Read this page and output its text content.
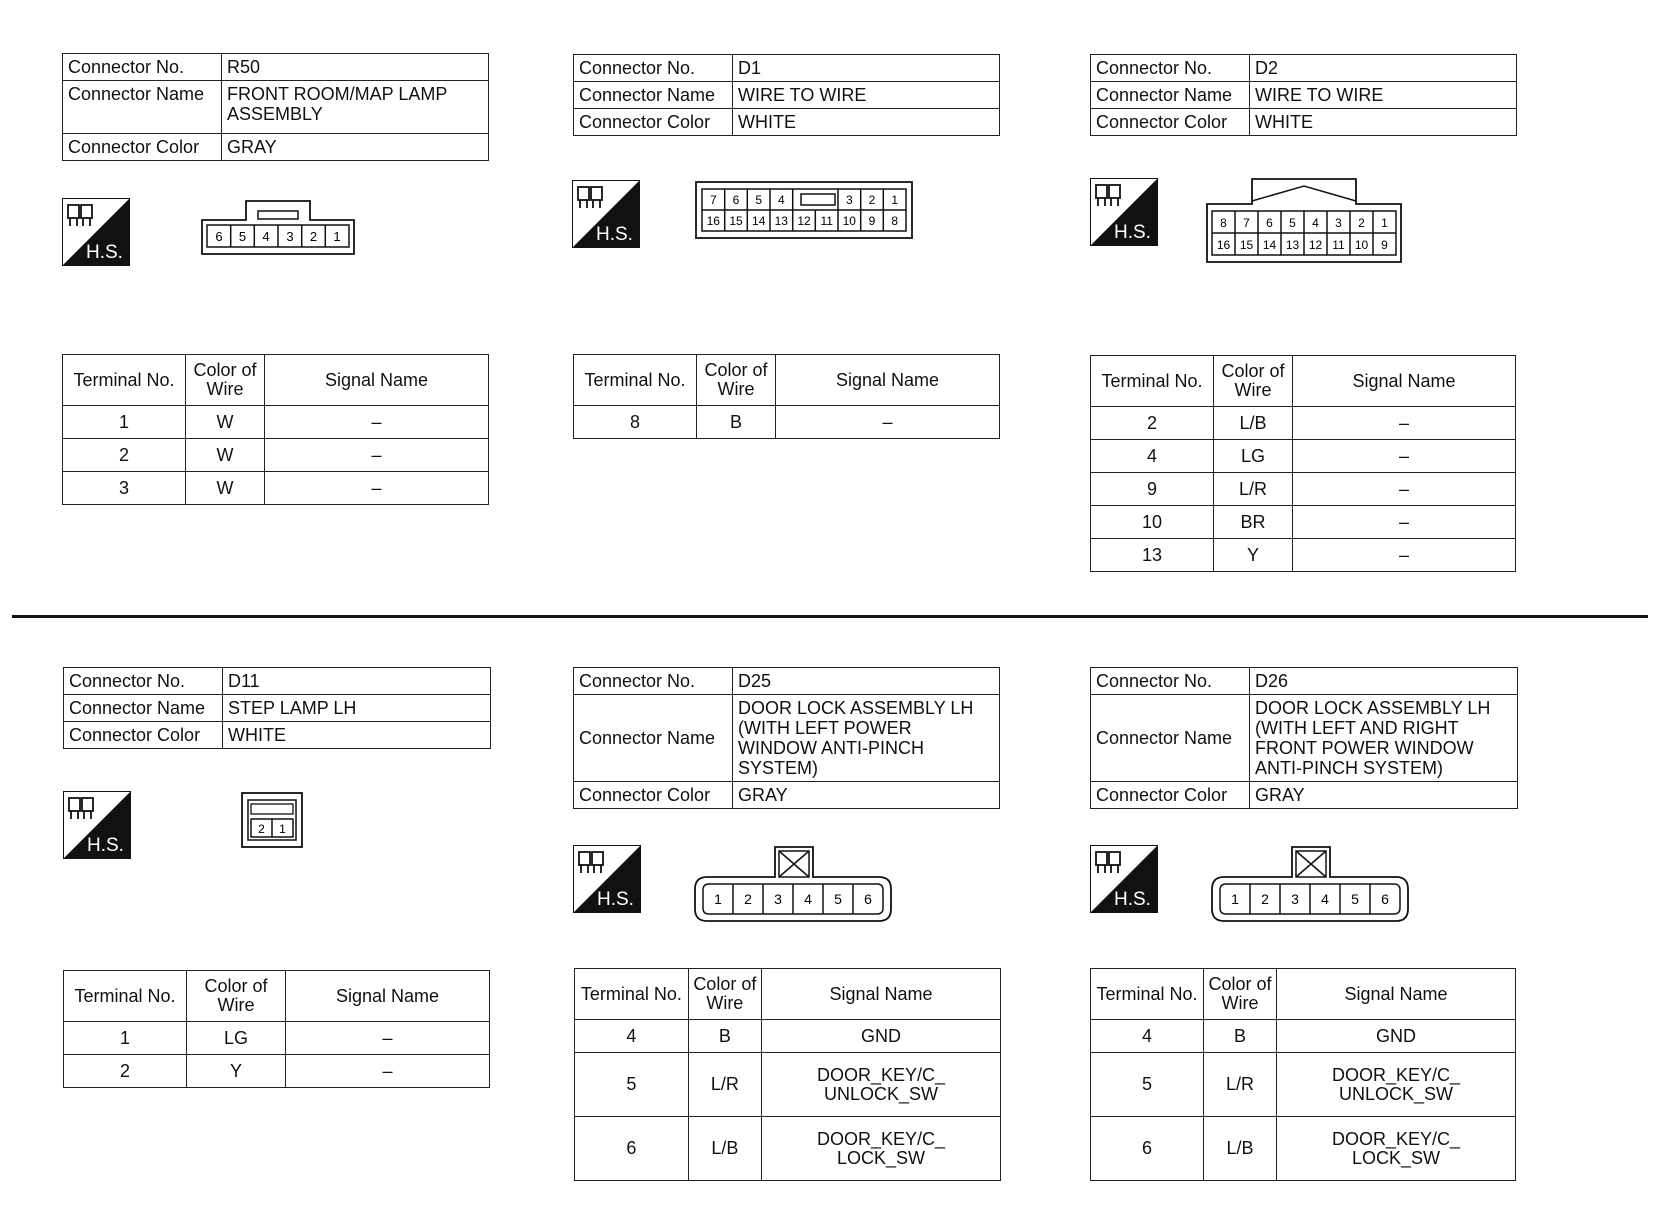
Connector No.	R50
Connector Name	FRONT ROOM/MAP LAMP ASSEMBLY
Connector Color	GRAY
H.S.
6 5 4 3 2 1
Terminal No.	Color of Wire	Signal Name
1	W	–
2	W	–
3	W	–
Connector No.	D1
Connector Name	WIRE TO WIRE
Connector Color	WHITE
H.S.
7 6 5 4	3 2 1
16 15 14 13 12 11 10 9 8
Terminal No.	Color of Wire	Signal Name
8	B	–
Connector No.	D2
Connector Name	WIRE TO WIRE
Connector Color	WHITE
H.S.	8 7 6 5 4 3 2 1
16 15 14 13 12 11 10 9
Terminal No.	Color of Wire	Signal Name
2	L/B	–
4	LG	–
9	L/R	–
10	BR	–
13	Y	–
Connector No.	D11
Connector Name	STEP LAMP LH
Connector Color	WHITE
H.S.
2 1
Terminal No.	Color of Wire	Signal Name
1	LG	–
2	Y	–
Connector No.	D25
Connector Name	DOOR LOCK ASSEMBLY LH (WITH LEFT POWER WINDOW ANTI-PINCH SYSTEM)
Connector Color	GRAY
H.S.	1 2 3 4 5 6
Terminal No.	Color of Wire	Signal Name
4	B	GND
5	L/R	DOOR_KEY/C_ UNLOCK_SW
6	L/B	DOOR_KEY/C_ LOCK_SW
Connector No.	D26
Connector Name	DOOR LOCK ASSEMBLY LH (WITH LEFT AND RIGHT FRONT POWER WINDOW ANTI-PINCH SYSTEM)
Connector Color	GRAY
H.S.	1 2 3 4 5 6
Terminal No.	Color of Wire	Signal Name
4	B	GND
5	L/R	DOOR_KEY/C_ UNLOCK_SW
6	L/B	DOOR_KEY/C_ LOCK_SW
